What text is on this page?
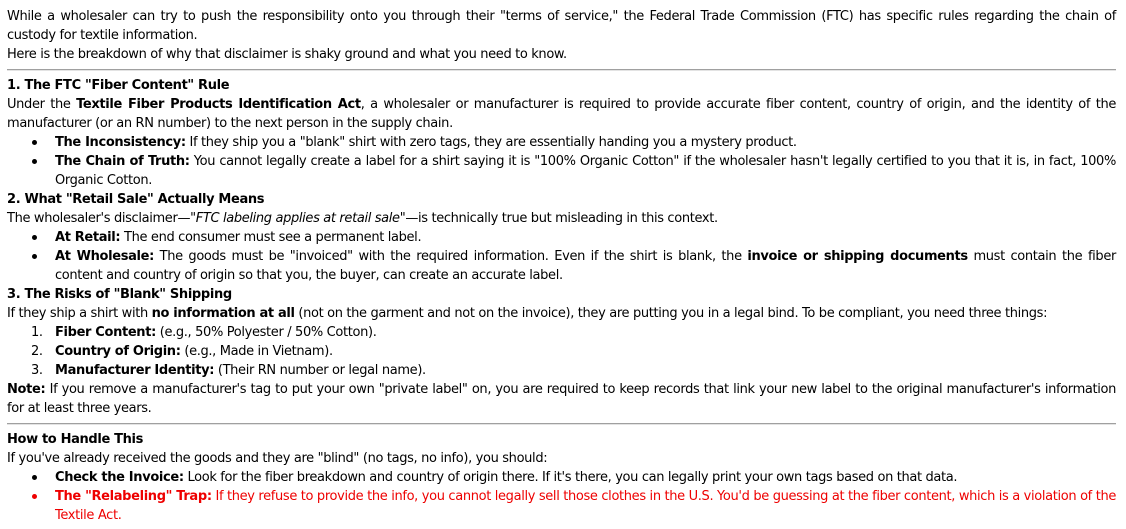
While a wholesaler can try to push the responsibility onto you through their "terms of service," the Federal Trade Commission (FTC) has specific rules regarding the chain of custody for textile information.

Here is the breakdown of why that disclaimer is shaky ground and what you need to know.

1. The FTC "Fiber Content" Rule

Under the Textile Fiber Products Identification Act, a wholesaler or manufacturer is required to provide accurate fiber content, country of origin, and the identity of the manufacturer (or an RN number) to the next person in the supply chain.

The Inconsistency: If they ship you a "blank" shirt with zero tags, they are essentially handing you a mystery product.
The Chain of Truth: You cannot legally create a label for a shirt saying it is "100% Organic Cotton" if the wholesaler hasn't legally certified to you that it is, in fact, 100% Organic Cotton.

2. What "Retail Sale" Actually Means

The wholesaler's disclaimer—"FTC labeling applies at retail sale"—is technically true but misleading in this context.

At Retail: The end consumer must see a permanent label.
At Wholesale: The goods must be "invoiced" with the required information. Even if the shirt is blank, the invoice or shipping documents must contain the fiber content and country of origin so that you, the buyer, can create an accurate label.

3. The Risks of "Blank" Shipping

If they ship a shirt with no information at all (not on the garment and not on the invoice), they are putting you in a legal bind. To be compliant, you need three things:

1. Fiber Content: (e.g., 50% Polyester / 50% Cotton).
2. Country of Origin: (e.g., Made in Vietnam).
3. Manufacturer Identity: (Their RN number or legal name).

Note: If you remove a manufacturer's tag to put your own "private label" on, you are required to keep records that link your new label to the original manufacturer's information for at least three years.

How to Handle This

If you've already received the goods and they are "blind" (no tags, no info), you should:

Check the Invoice: Look for the fiber breakdown and country of origin there. If it's there, you can legally print your own tags based on that data.
The "Relabeling" Trap: If they refuse to provide the info, you cannot legally sell those clothes in the U.S. You'd be guessing at the fiber content, which is a violation of the Textile Act.
